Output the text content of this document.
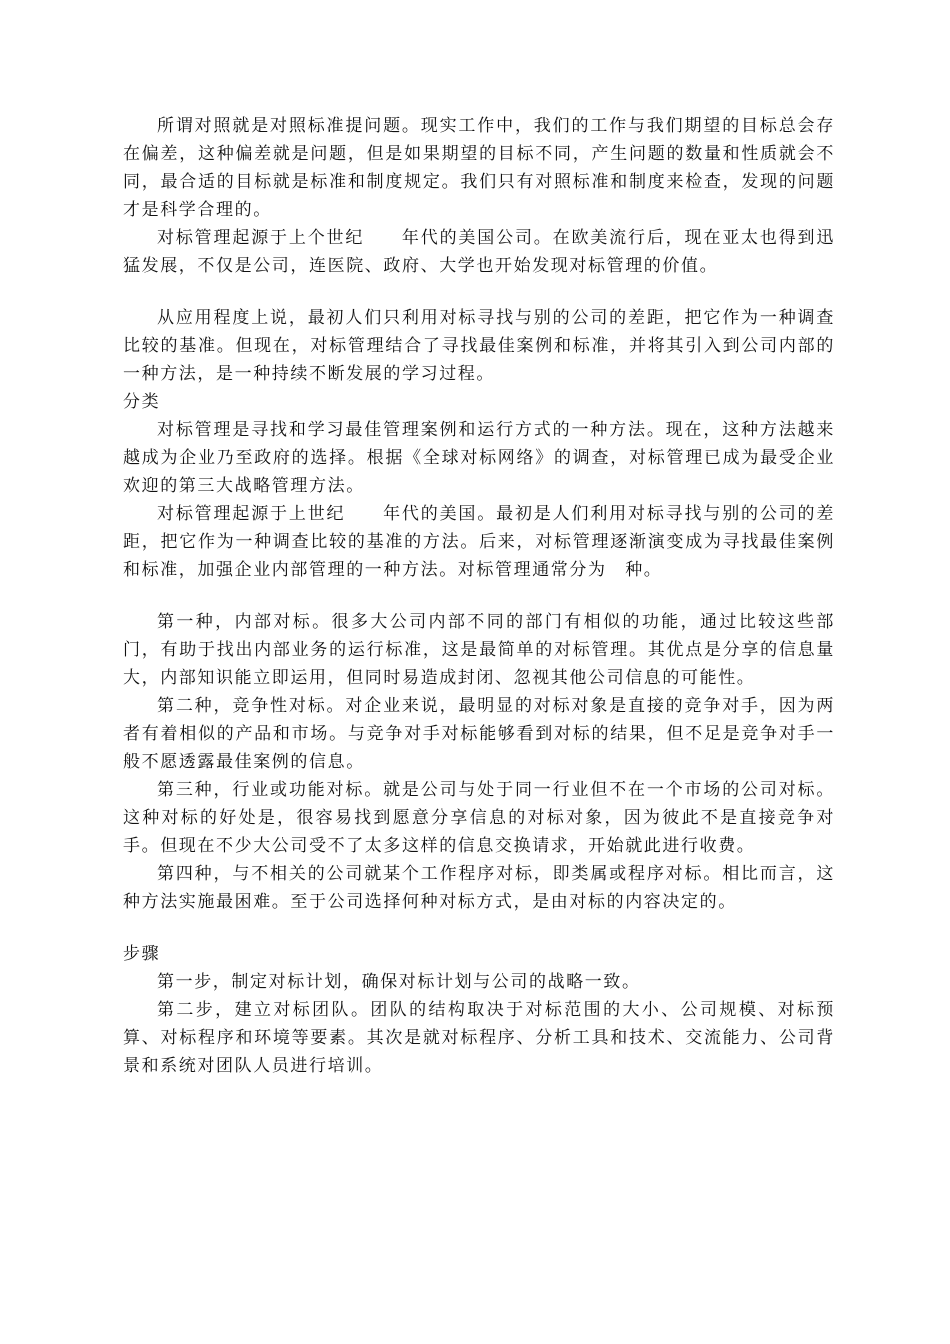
所谓对照就是对照标准提问题。现实工作中，我们的工作与我们期望的目标总会存在偏差，这种偏差就是问题，但是如果期望的目标不同，产生问题的数量和性质就会不同，最合适的目标就是标准和制度规定。我们只有对照标准和制度来检查，发现的问题才是科学合理的。

对标管理起源于上个世纪　　年代的美国公司。在欧美流行后，现在亚太也得到迅猛发展，不仅是公司，连医院、政府、大学也开始发现对标管理的价值。

从应用程度上说，最初人们只利用对标寻找与别的公司的差距，把它作为一种调查比较的基准。但现在，对标管理结合了寻找最佳案例和标准，并将其引入到公司内部的一种方法，是一种持续不断发展的学习过程。

分类

对标管理是寻找和学习最佳管理案例和运行方式的一种方法。现在，这种方法越来越成为企业乃至政府的选择。根据《全球对标网络》的调查，对标管理已成为最受企业欢迎的第三大战略管理方法。

对标管理起源于上世纪　　年代的美国。最初是人们利用对标寻找与别的公司的差距，把它作为一种调查比较的基准的方法。后来，对标管理逐渐演变成为寻找最佳案例和标准，加强企业内部管理的一种方法。对标管理通常分为　种。

第一种，内部对标。很多大公司内部不同的部门有相似的功能，通过比较这些部门，有助于找出内部业务的运行标准，这是最简单的对标管理。其优点是分享的信息量大，内部知识能立即运用，但同时易造成封闭、忽视其他公司信息的可能性。

第二种，竞争性对标。对企业来说，最明显的对标对象是直接的竞争对手，因为两者有着相似的产品和市场。与竞争对手对标能够看到对标的结果，但不足是竞争对手一般不愿透露最佳案例的信息。

第三种，行业或功能对标。就是公司与处于同一行业但不在一个市场的公司对标。这种对标的好处是，很容易找到愿意分享信息的对标对象，因为彼此不是直接竞争对手。但现在不少大公司受不了太多这样的信息交换请求，开始就此进行收费。

第四种，与不相关的公司就某个工作程序对标，即类属或程序对标。相比而言，这种方法实施最困难。至于公司选择何种对标方式，是由对标的内容决定的。

步骤

第一步，制定对标计划，确保对标计划与公司的战略一致。

第二步，建立对标团队。团队的结构取决于对标范围的大小、公司规模、对标预算、对标程序和环境等要素。其次是就对标程序、分析工具和技术、交流能力、公司背景和系统对团队人员进行培训。
